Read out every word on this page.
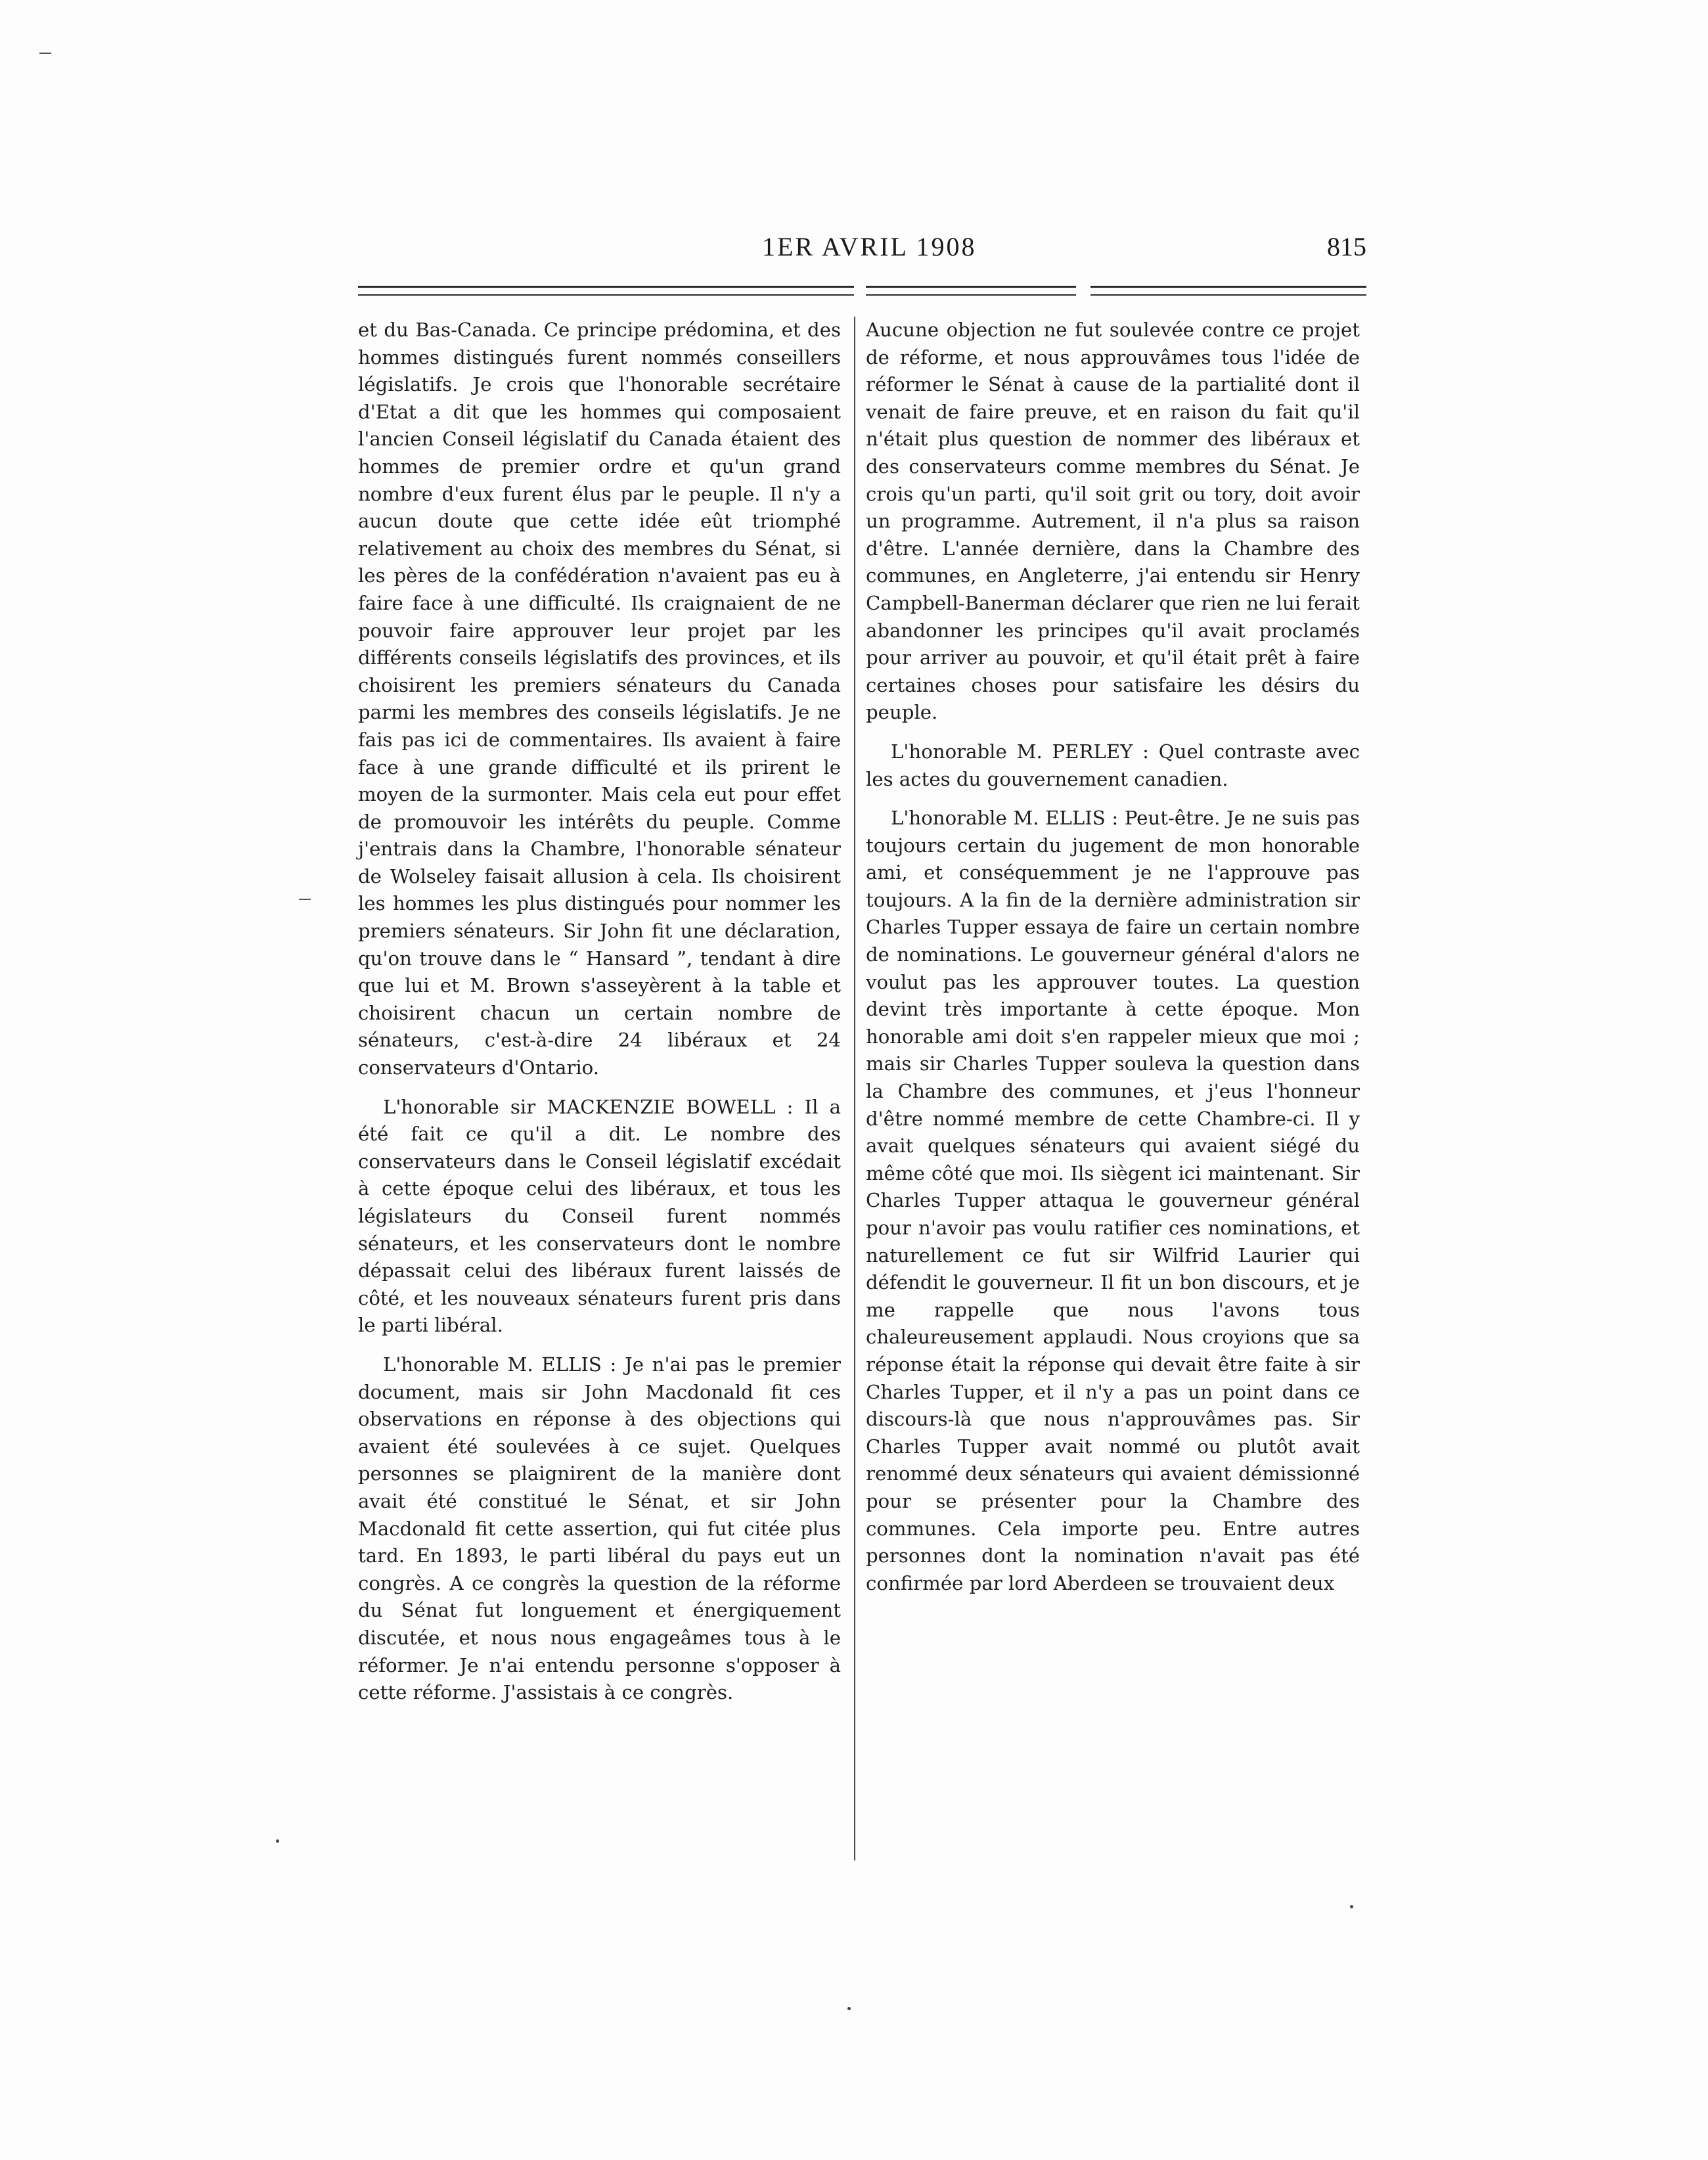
1ER AVRIL 1908	815

et du Bas-Canada. Ce principe prédomina, et des hommes distingués furent nommés conseillers législatifs. Je crois que l'honorable secrétaire d'Etat a dit que les hommes qui composaient l'ancien Conseil législatif du Canada étaient des hommes de premier ordre et qu'un grand nombre d'eux furent élus par le peuple. Il n'y a aucun doute que cette idée eût triomphé relativement au choix des membres du Sénat, si les pères de la confédération n'avaient pas eu à faire face à une difficulté. Ils craignaient de ne pouvoir faire approuver leur projet par les différents conseils législatifs des provinces, et ils choisirent les premiers sénateurs du Canada parmi les membres des conseils législatifs. Je ne fais pas ici de commentaires. Ils avaient à faire face à une grande difficulté et ils prirent le moyen de la surmonter. Mais cela eut pour effet de promouvoir les intérêts du peuple. Comme j'entrais dans la Chambre, l'honorable sénateur de Wolseley faisait allusion à cela. Ils choisirent les hommes les plus distingués pour nommer les premiers sénateurs. Sir John fit une déclaration, qu'on trouve dans le “ Hansard ”, tendant à dire que lui et M. Brown s'asseyèrent à la table et choisirent chacun un certain nombre de sénateurs, c'est-à-dire 24 libéraux et 24 conservateurs d'Ontario.

L'honorable sir MACKENZIE BOWELL : Il a été fait ce qu'il a dit. Le nombre des conservateurs dans le Conseil législatif excédait à cette époque celui des libéraux, et tous les législateurs du Conseil furent nommés sénateurs, et les conservateurs dont le nombre dépassait celui des libéraux furent laissés de côté, et les nouveaux sénateurs furent pris dans le parti libéral.

L'honorable M. ELLIS : Je n'ai pas le premier document, mais sir John Macdonald fit ces observations en réponse à des objections qui avaient été soulevées à ce sujet. Quelques personnes se plaignirent de la manière dont avait été constitué le Sénat, et sir John Macdonald fit cette assertion, qui fut citée plus tard. En 1893, le parti libéral du pays eut un congrès. A ce congrès la question de la réforme du Sénat fut longuement et énergiquement discutée, et nous nous engageâmes tous à le réformer. Je n'ai entendu personne s'opposer à cette réforme. J'assistais à ce congrès.

Aucune objection ne fut soulevée contre ce projet de réforme, et nous approuvâmes tous l'idée de réformer le Sénat à cause de la partialité dont il venait de faire preuve, et en raison du fait qu'il n'était plus question de nommer des libéraux et des conservateurs comme membres du Sénat. Je crois qu'un parti, qu'il soit grit ou tory, doit avoir un programme. Autrement, il n'a plus sa raison d'être. L'année dernière, dans la Chambre des communes, en Angleterre, j'ai entendu sir Henry Campbell-Banerman déclarer que rien ne lui ferait abandonner les principes qu'il avait proclamés pour arriver au pouvoir, et qu'il était prêt à faire certaines choses pour satisfaire les désirs du peuple.

L'honorable M. PERLEY : Quel contraste avec les actes du gouvernement canadien.

L'honorable M. ELLIS : Peut-être. Je ne suis pas toujours certain du jugement de mon honorable ami, et conséquemment je ne l'approuve pas toujours. A la fin de la dernière administration sir Charles Tupper essaya de faire un certain nombre de nominations. Le gouverneur général d'alors ne voulut pas les approuver toutes. La question devint très importante à cette époque. Mon honorable ami doit s'en rappeler mieux que moi ; mais sir Charles Tupper souleva la question dans la Chambre des communes, et j'eus l'honneur d'être nommé membre de cette Chambre-ci. Il y avait quelques sénateurs qui avaient siégé du même côté que moi. Ils siègent ici maintenant. Sir Charles Tupper attaqua le gouverneur général pour n'avoir pas voulu ratifier ces nominations, et naturellement ce fut sir Wilfrid Laurier qui défendit le gouverneur. Il fit un bon discours, et je me rappelle que nous l'avons tous chaleureusement applaudi. Nous croyions que sa réponse était la réponse qui devait être faite à sir Charles Tupper, et il n'y a pas un point dans ce discours-là que nous n'approuvâmes pas. Sir Charles Tupper avait nommé ou plutôt avait renommé deux sénateurs qui avaient démissionné pour se présenter pour la Chambre des communes. Cela importe peu. Entre autres personnes dont la nomination n'avait pas été confirmée par lord Aberdeen se trouvaient deux
